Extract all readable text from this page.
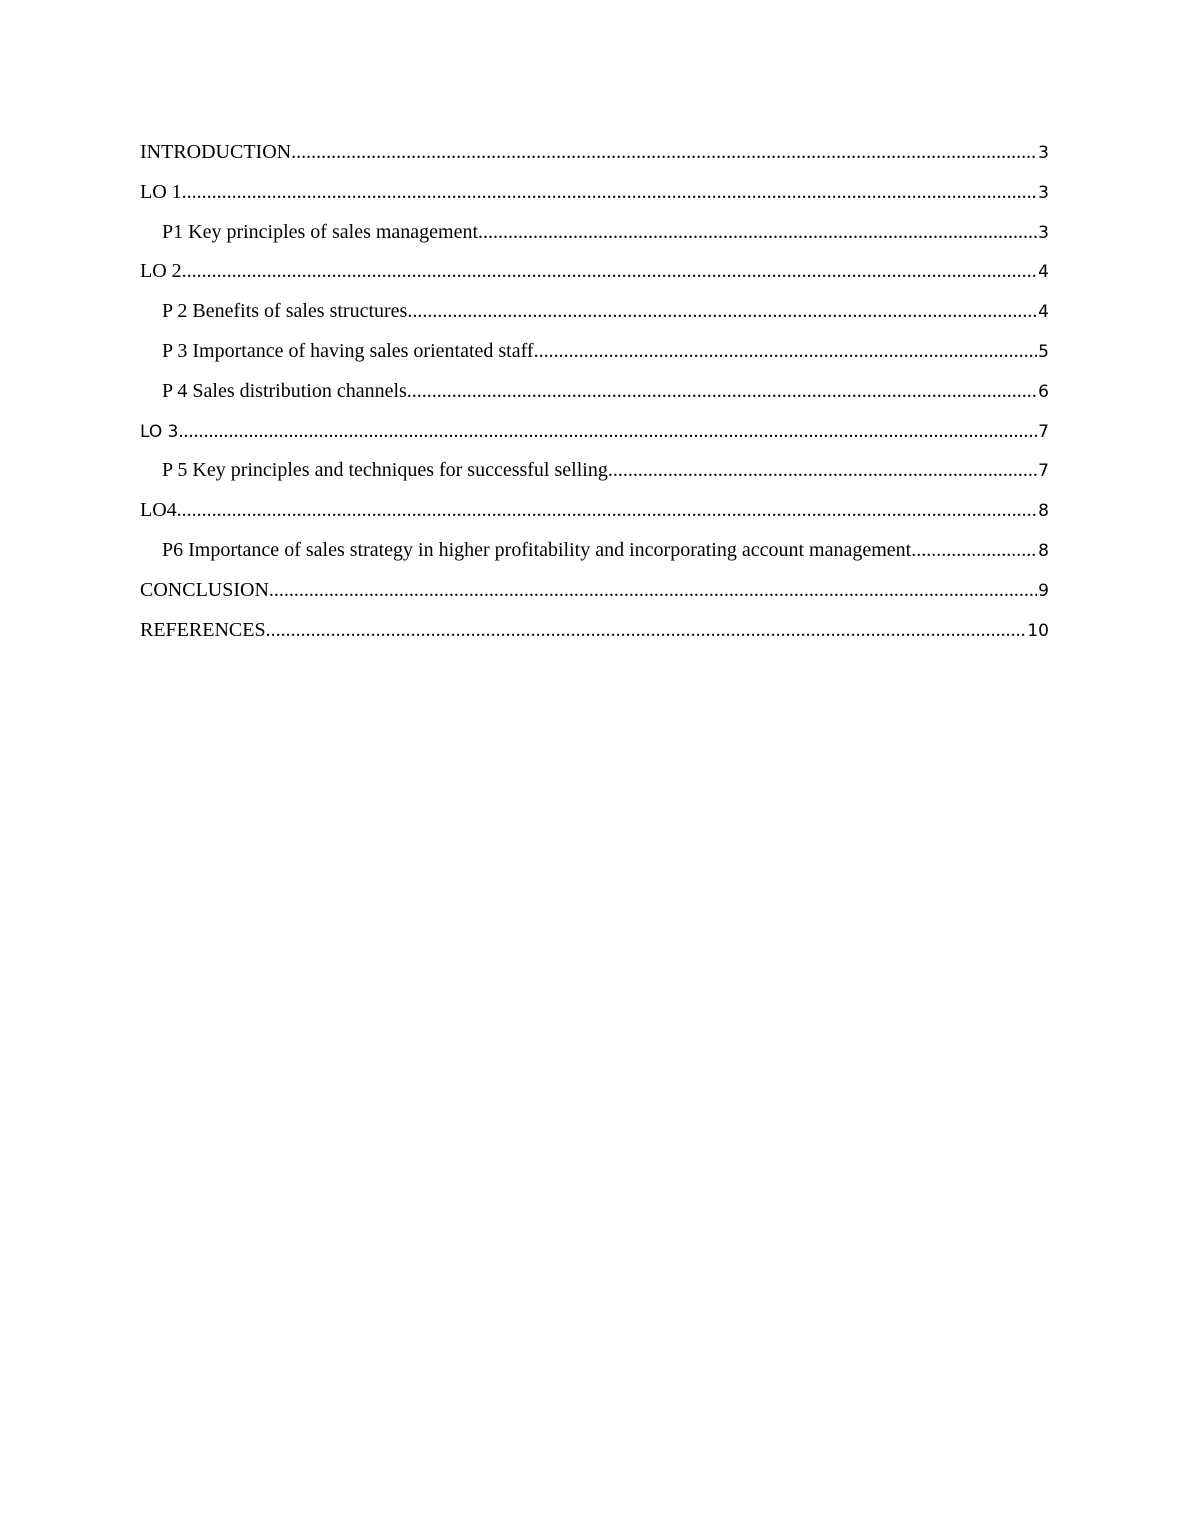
INTRODUCTION .....	3
LO 1 .....	3
P1 Key principles of sales management .....	3
LO 2 .....	4
P 2 Benefits of sales structures .....	4
P 3 Importance of having sales orientated staff .....	5
P 4 Sales distribution channels .....	6
LO 3 .....	7
P 5 Key principles and techniques for successful selling .....	7
LO4 .....	8
P6 Importance of sales strategy in higher profitability and incorporating account management .....	8
CONCLUSION .....	9
REFERENCES .....	10
